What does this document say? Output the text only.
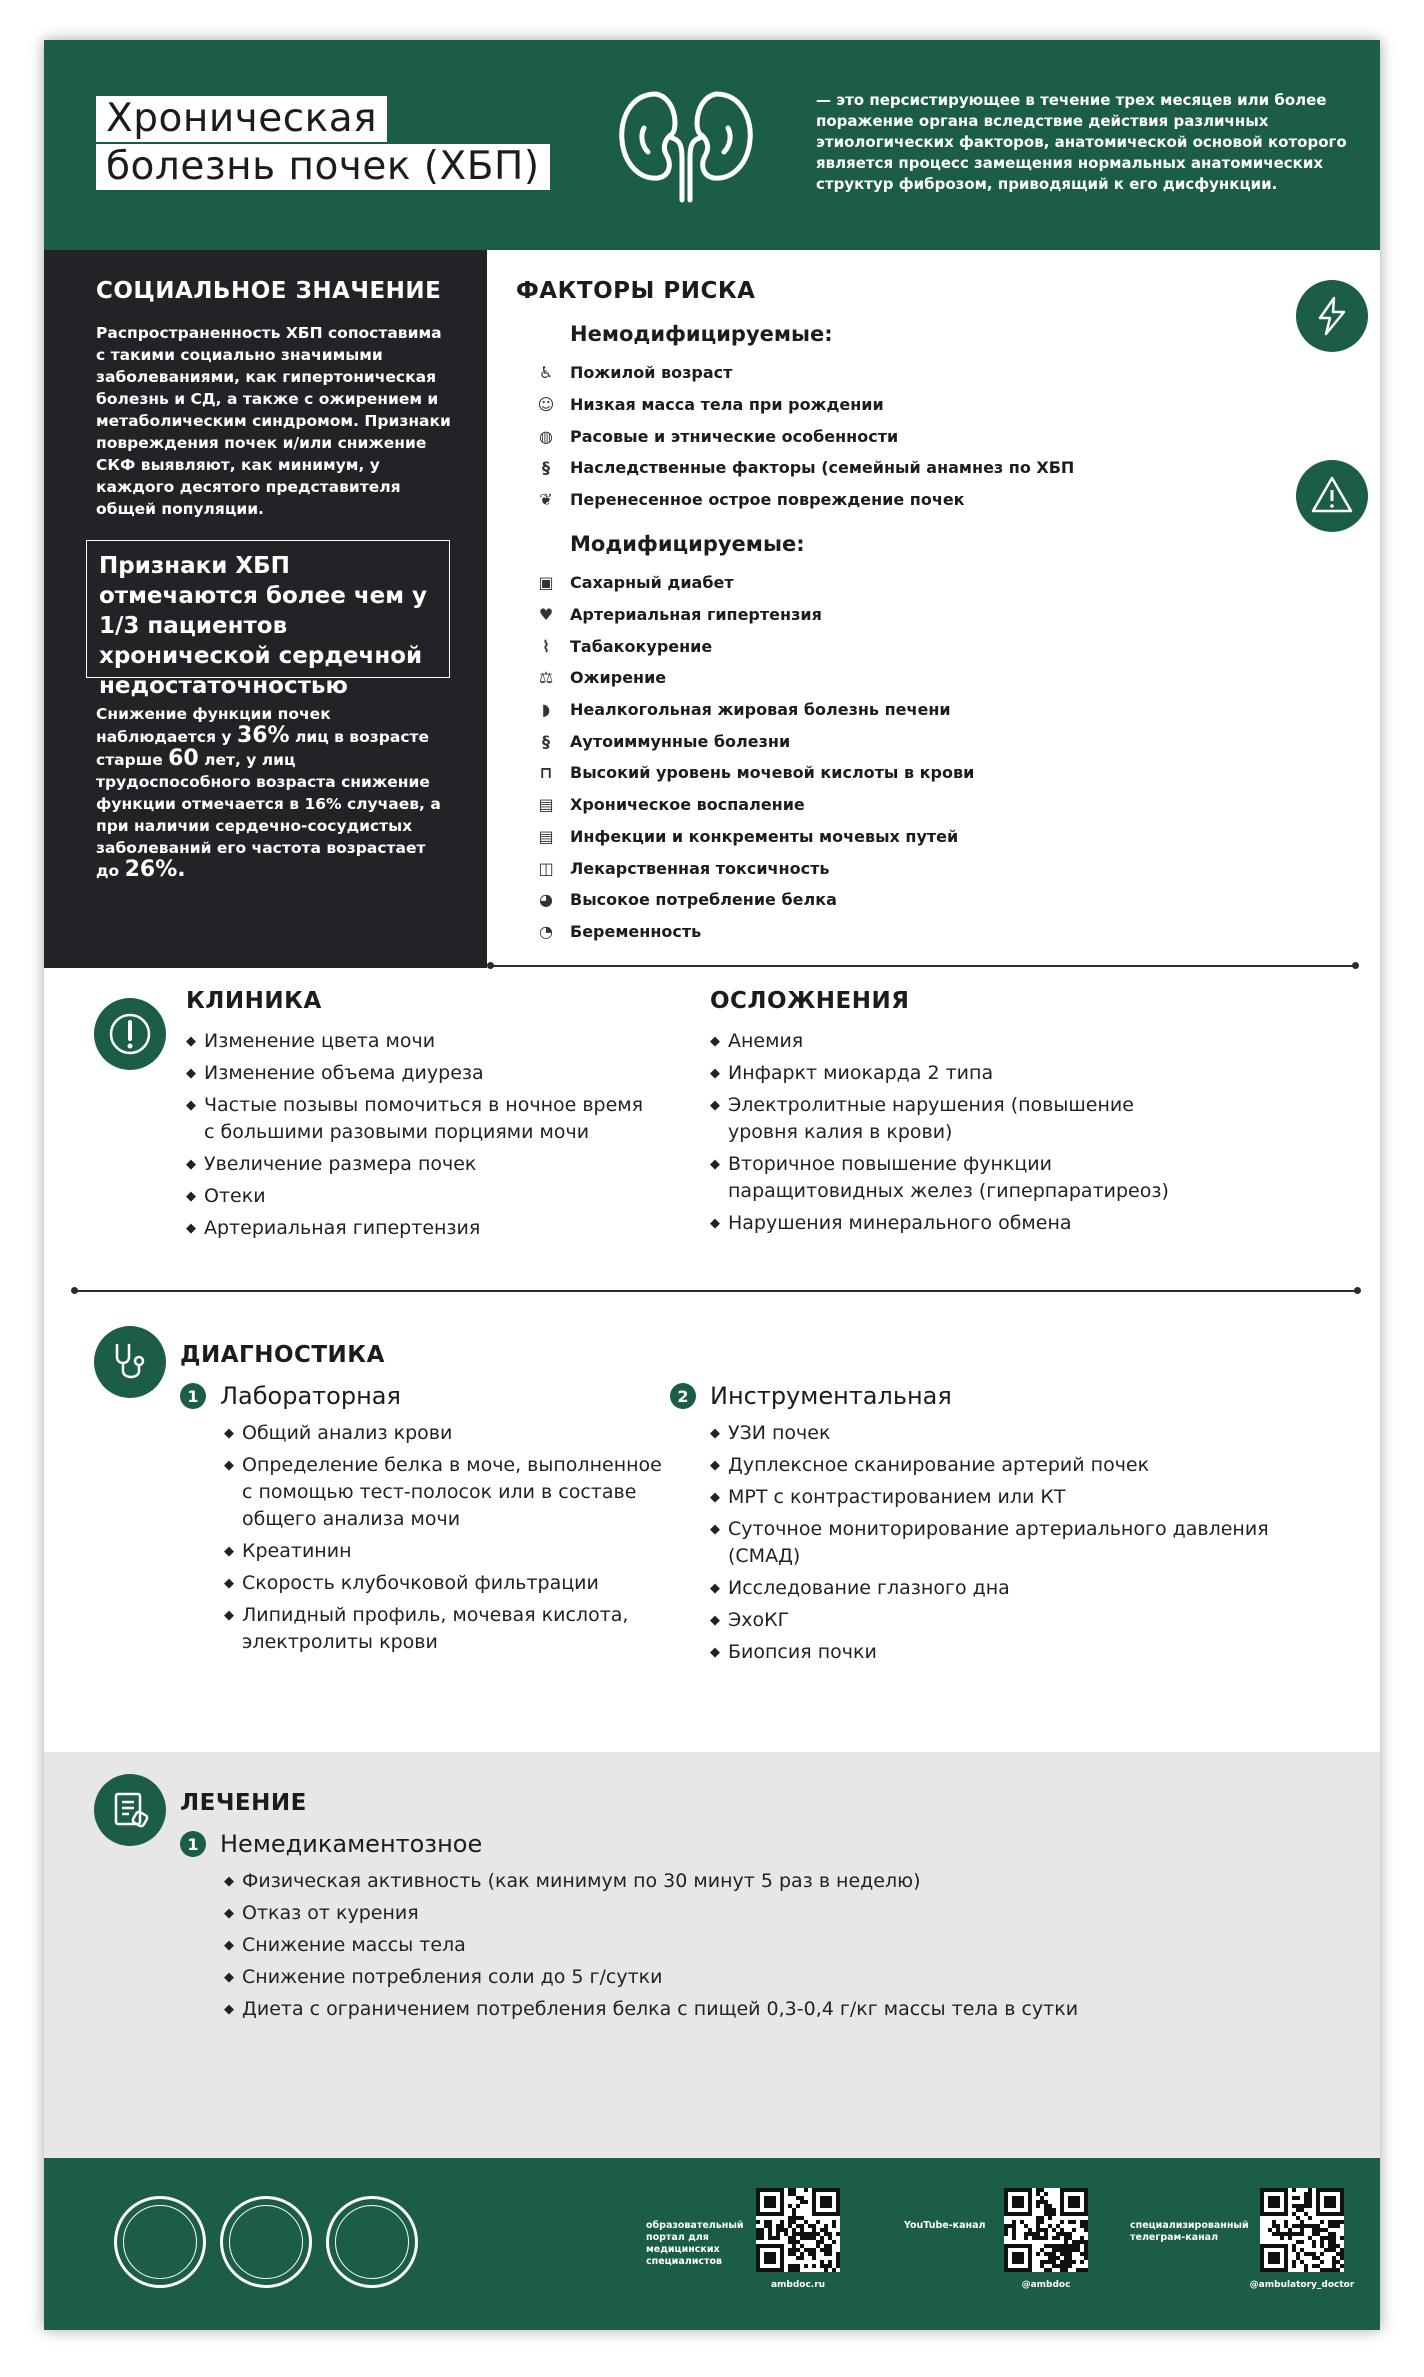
Хроническая
болезнь почек (ХБП)
— это персистирующее в течение трех месяцев или более поражение органа вследствие действия различных этиологических факторов, анатомической основой которого является процесс замещения нормальных анатомических структур фиброзом, приводящий к его дисфункции.
СОЦИАЛЬНОЕ ЗНАЧЕНИЕ
Распространенность ХБП сопоставима с такими социально значимыми заболеваниями, как гипертоническая болезнь и СД, а также с ожирением и метаболическим синдромом. Признаки повреждения почек и/или снижение СКФ выявляют, как минимум, у каждого десятого представителя общей популяции.
Признаки ХБП отмечаются более чем у 1/3 пациентов хронической сердечной недостаточностью
Снижение функции почек наблюдается у 36% лиц в возрасте старше 60 лет, у лиц трудоспособного возраста снижение функции отмечается в 16% случаев, а при наличии сердечно-сосудистых заболеваний его частота возрастает до 26%.
ФАКТОРЫ РИСКА
Немодифицируемые:
♿	Пожилой возраст
☺ Низкая масса тела при рождении
◍	Расовые и этнические особенности
§	Наследственные факторы (семейный анамнез по ХБП
❦	Перенесенное острое повреждение почек
Модифицируемые:
▣ Сахарный диабет
♥	Артериальная гипертензия
⌇	Табакокурение
⚖	Ожирение
◗	Неалкогольная жировая болезнь печени
§	Аутоиммунные болезни
⊓	Высокий уровень мочевой кислоты в крови
▤ Хроническое воспаление
▤ Инфекции и конкременты мочевых путей
◫ Лекарственная токсичность
◕	Высокое потребление белка
◔	Беременность
КЛИНИКА
◆ Изменение цвета мочи
◆ Изменение объема диуреза
◆ Частые позывы помочиться в ночное время с большими разовыми порциями мочи
◆ Увеличение размера почек
◆ Отеки
◆ Артериальная гипертензия
ОСЛОЖНЕНИЯ
◆ Анемия
◆ Инфаркт миокарда 2 типа
◆ Электролитные нарушения (повышение уровня калия в крови)
◆ Вторичное повышение функции паращитовидных желез (гиперпаратиреоз)
◆ Нарушения минерального обмена
ДИАГНОСТИКА
1 Лабораторная
◆ Общий анализ крови
◆ Определение белка в моче, выполненное с помощью тест-полосок или в составе общего анализа мочи
◆ Креатинин
◆ Скорость клубочковой фильтрации
◆ Липидный профиль, мочевая кислота, электролиты крови
2 Инструментальная
◆ УЗИ почек
◆ Дуплексное сканирование артерий почек
◆ МРТ с контрастированием или КТ
◆ Суточное мониторирование артериального давления (СМАД)
◆ Исследование глазного дна
◆ ЭхоКГ
◆ Биопсия почки
ЛЕЧЕНИЕ
1 Немедикаментозное
◆ Физическая активность (как минимум по 30 минут 5 раз в неделю)
◆ Отказ от курения
◆ Снижение массы тела
◆ Снижение потребления соли до 5 г/сутки
◆ Диета с ограничением потребления белка с пищей 0,3-0,4 г/кг массы тела в сутки
образовательный портал для медицинских специалистов
ambdoc.ru
YouTube-канал
@ambdoc
специализированный телеграм-канал
@ambulatory_doctor
